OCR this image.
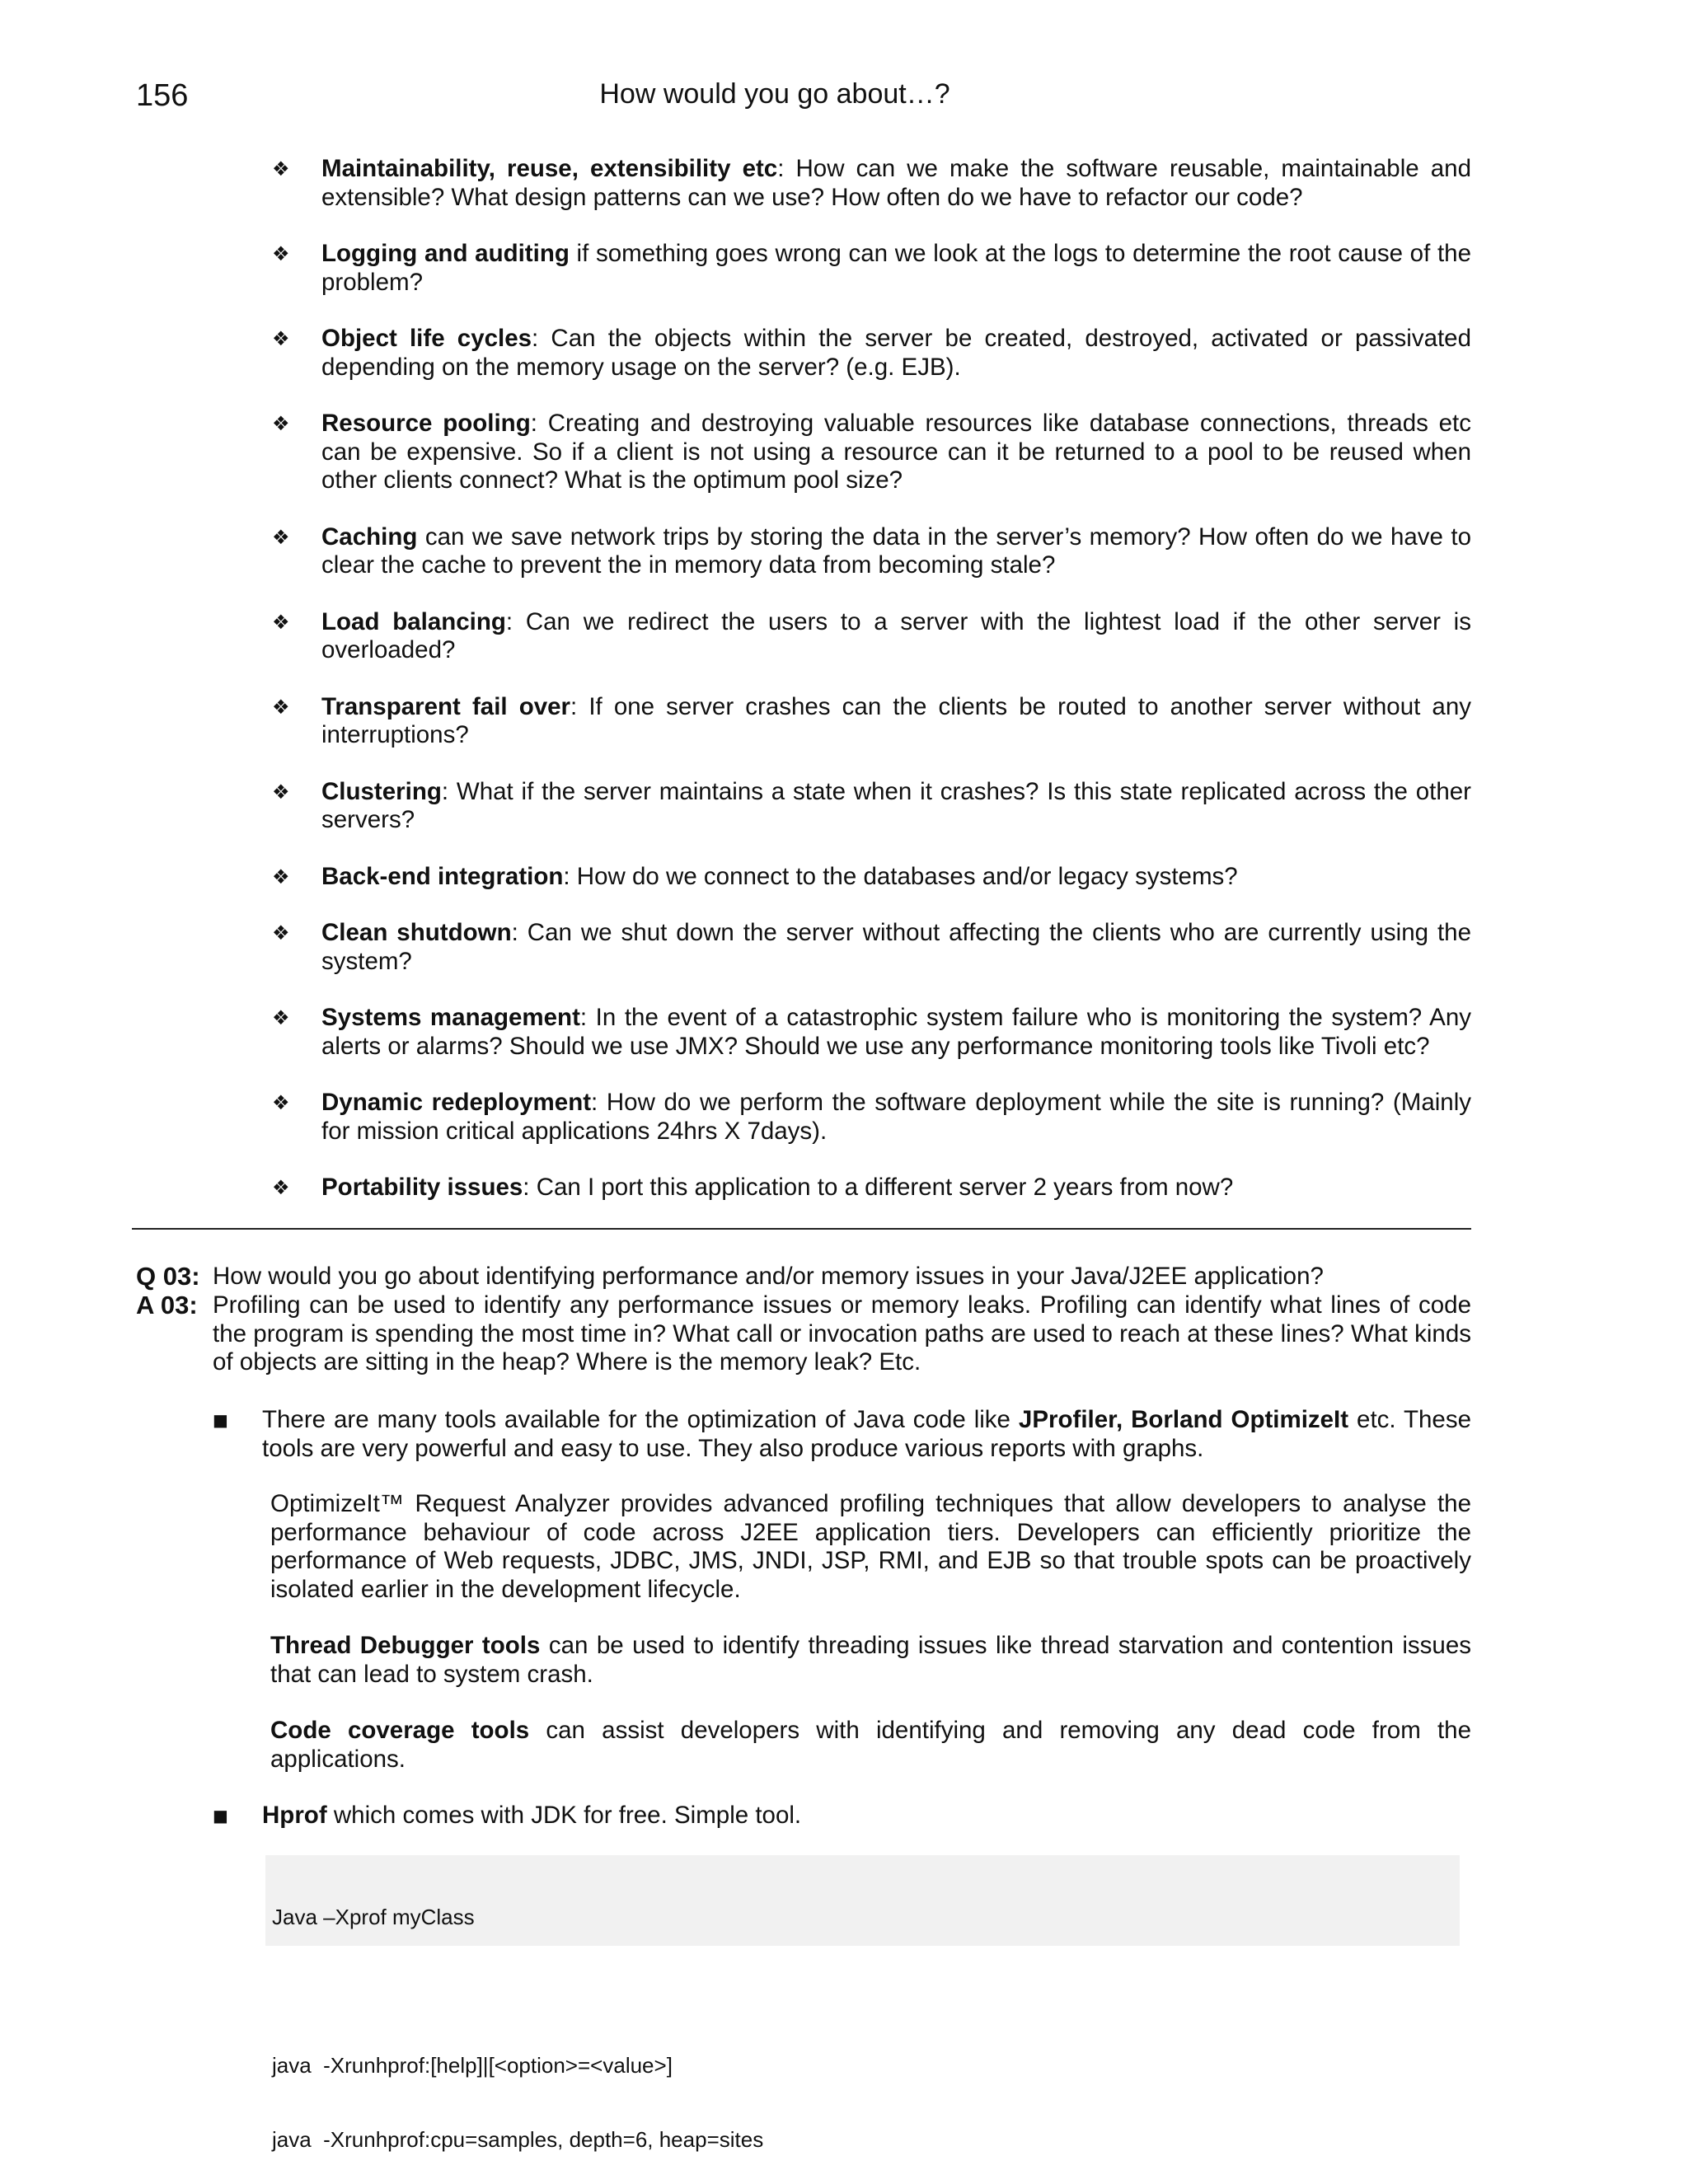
156	How would you go about…?
❖ Maintainability, reuse, extensibility etc: How can we make the software reusable, maintainable and extensible? What design patterns can we use? How often do we have to refactor our code?
❖ Logging and auditing if something goes wrong can we look at the logs to determine the root cause of the problem?
❖ Object life cycles: Can the objects within the server be created, destroyed, activated or passivated depending on the memory usage on the server? (e.g. EJB).
❖ Resource pooling: Creating and destroying valuable resources like database connections, threads etc can be expensive. So if a client is not using a resource can it be returned to a pool to be reused when other clients connect? What is the optimum pool size?
❖ Caching can we save network trips by storing the data in the server’s memory? How often do we have to clear the cache to prevent the in memory data from becoming stale?
❖ Load balancing: Can we redirect the users to a server with the lightest load if the other server is overloaded?
❖ Transparent fail over: If one server crashes can the clients be routed to another server without any interruptions?
❖ Clustering: What if the server maintains a state when it crashes? Is this state replicated across the other servers?
❖ Back-end integration: How do we connect to the databases and/or legacy systems?
❖ Clean shutdown: Can we shut down the server without affecting the clients who are currently using the system?
❖ Systems management: In the event of a catastrophic system failure who is monitoring the system? Any alerts or alarms? Should we use JMX? Should we use any performance monitoring tools like Tivoli etc?
❖ Dynamic redeployment: How do we perform the software deployment while the site is running? (Mainly for mission critical applications 24hrs X 7days).
❖ Portability issues: Can I port this application to a different server 2 years from now?
Q 03: How would you go about identifying performance and/or memory issues in your Java/J2EE application?
A 03: Profiling can be used to identify any performance issues or memory leaks. Profiling can identify what lines of code the program is spending the most time in? What call or invocation paths are used to reach at these lines? What kinds of objects are sitting in the heap? Where is the memory leak? Etc.
■ There are many tools available for the optimization of Java code like JProfiler, Borland OptimizeIt etc. These tools are very powerful and easy to use. They also produce various reports with graphs.
OptimizeIt™ Request Analyzer provides advanced profiling techniques that allow developers to analyse the performance behaviour of code across J2EE application tiers. Developers can efficiently prioritize the performance of Web requests, JDBC, JMS, JNDI, JSP, RMI, and EJB so that trouble spots can be proactively isolated earlier in the development lifecycle.
Thread Debugger tools can be used to identify threading issues like thread starvation and contention issues that can lead to system crash.
Code coverage tools can assist developers with identifying and removing any dead code from the applications.
■ Hprof which comes with JDK for free. Simple tool.

Java –Xprof myClass

java  -Xrunhprof:[help]|[<option>=<value>]

java  -Xrunhprof:cpu=samples, depth=6, heap=sites
